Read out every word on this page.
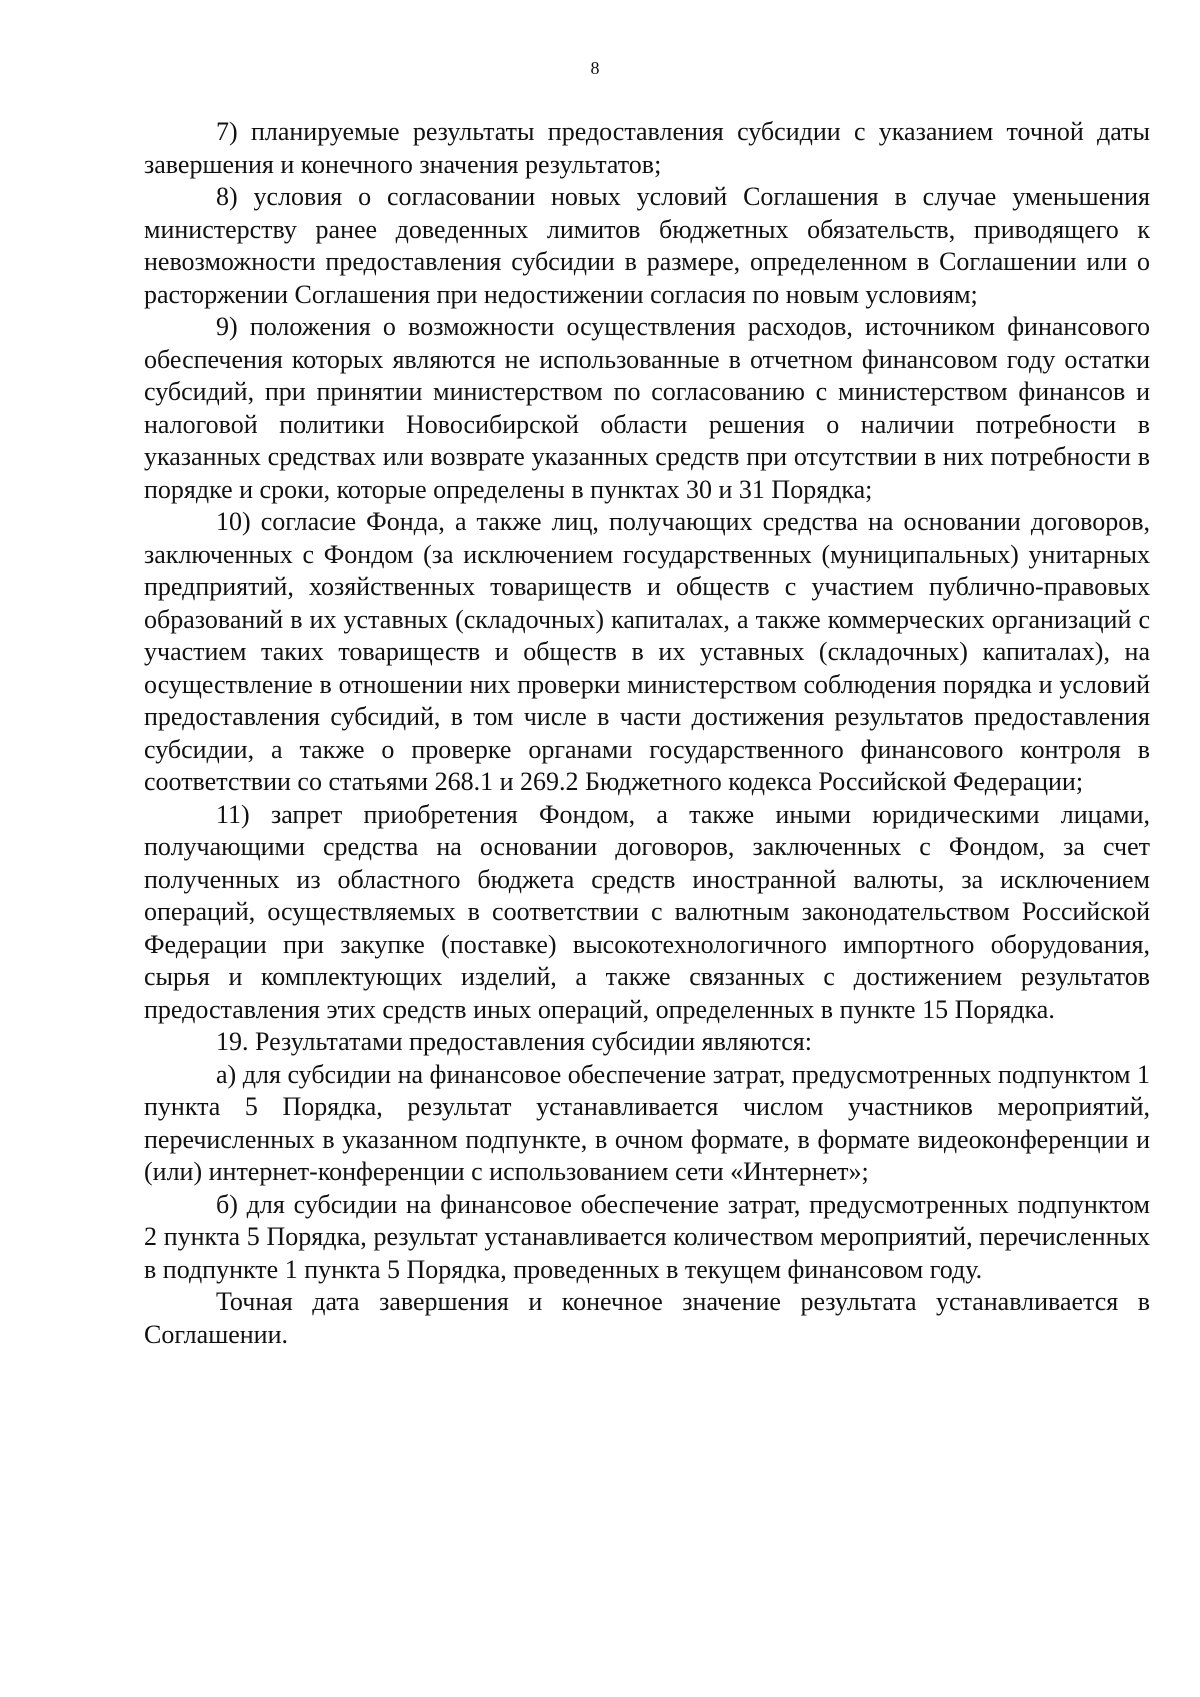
8

7) планируемые результаты предоставления субсидии с указанием точной даты завершения и конечного значения результатов;

8) условия о согласовании новых условий Соглашения в случае уменьшения министерству ранее доведенных лимитов бюджетных обязательств, приводящего к невозможности предоставления субсидии в размере, определенном в Соглашении или о расторжении Соглашения при недостижении согласия по новым условиям;

9) положения о возможности осуществления расходов, источником финансового обеспечения которых являются не использованные в отчетном финансовом году остатки субсидий, при принятии министерством по согласованию с министерством финансов и налоговой политики Новосибирской области решения о наличии потребности в указанных средствах или возврате указанных средств при отсутствии в них потребности в порядке и сроки, которые определены в пунктах 30 и 31 Порядка;

10) согласие Фонда, а также лиц, получающих средства на основании договоров, заключенных с Фондом (за исключением государственных (муниципальных) унитарных предприятий, хозяйственных товариществ и обществ с участием публично-правовых образований в их уставных (складочных) капиталах, а также коммерческих организаций с участием таких товариществ и обществ в их уставных (складочных) капиталах), на осуществление в отношении них проверки министерством соблюдения порядка и условий предоставления субсидий, в том числе в части достижения результатов предоставления субсидии, а также о проверке органами государственного финансового контроля в соответствии со статьями 268.1 и 269.2 Бюджетного кодекса Российской Федерации;

11) запрет приобретения Фондом, а также иными юридическими лицами, получающими средства на основании договоров, заключенных с Фондом, за счет полученных из областного бюджета средств иностранной валюты, за исключением операций, осуществляемых в соответствии с валютным законодательством Российской Федерации при закупке (поставке) высокотехнологичного импортного оборудования, сырья и комплектующих изделий, а также связанных с достижением результатов предоставления этих средств иных операций, определенных в пункте 15 Порядка.

19. Результатами предоставления субсидии являются:

а) для субсидии на финансовое обеспечение затрат, предусмотренных подпунктом 1 пункта 5 Порядка, результат устанавливается числом участников мероприятий, перечисленных в указанном подпункте, в очном формате, в формате видеоконференции и (или) интернет-конференции с использованием сети «Интернет»;

б) для субсидии на финансовое обеспечение затрат, предусмотренных подпунктом 2 пункта 5 Порядка, результат устанавливается количеством мероприятий, перечисленных в подпункте 1 пункта 5 Порядка, проведенных в текущем финансовом году.

Точная дата завершения и конечное значение результата устанавливается в Соглашении.
